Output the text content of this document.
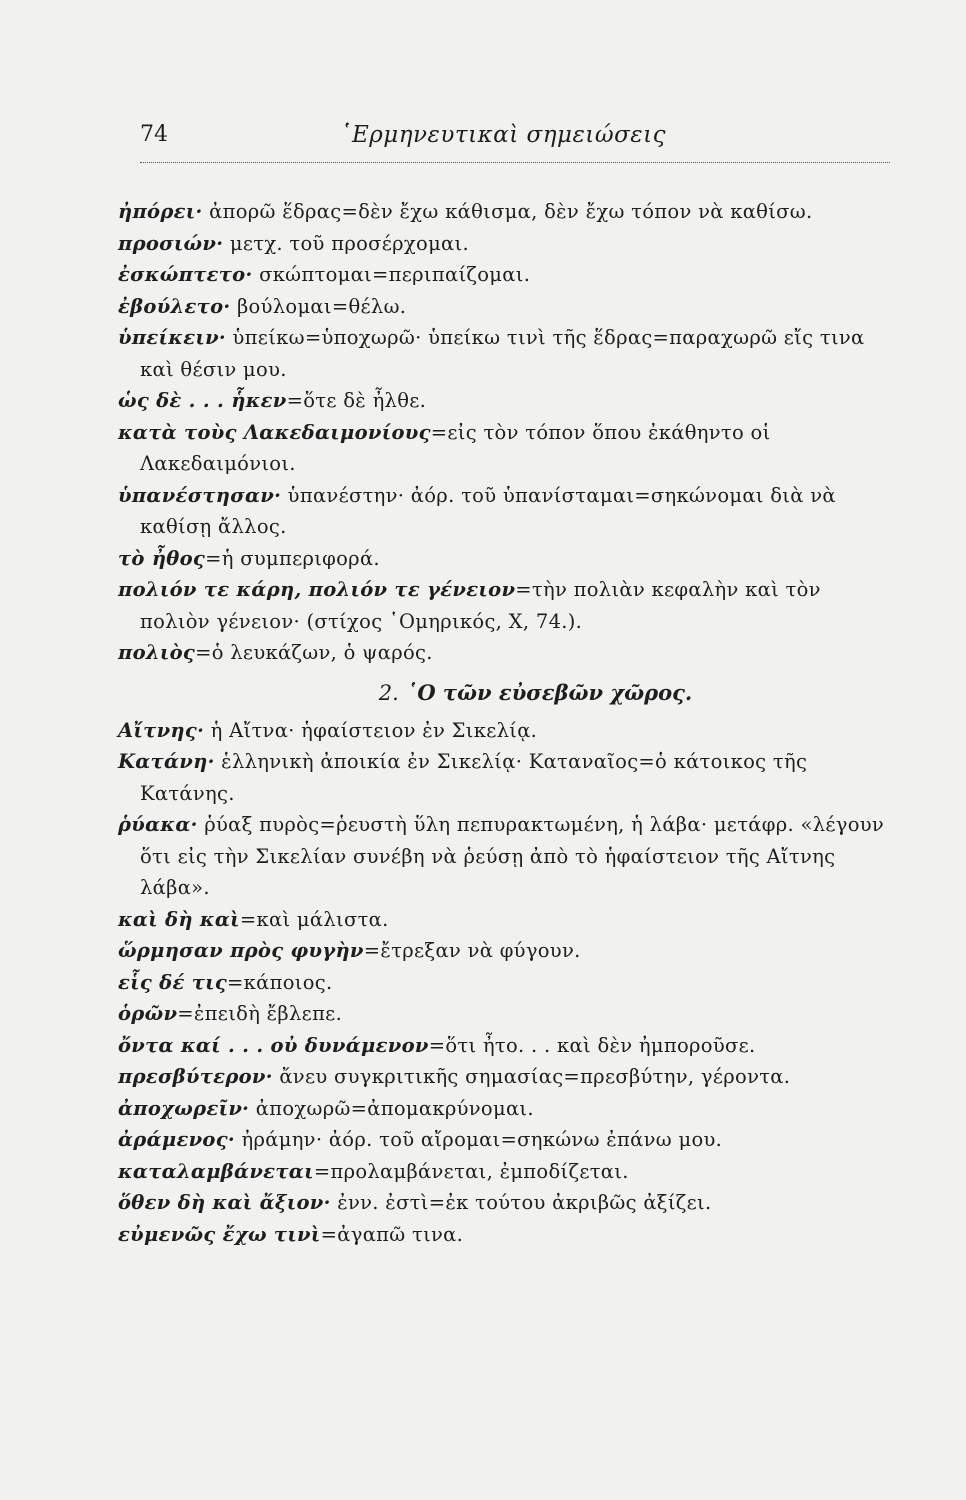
74	῾Ερμηνευτικαὶ σημειώσεις
ἠπόρει· ἀπορῶ ἕδρας=δὲν ἔχω κάθισμα, δὲν ἔχω τόπον νὰ καθίσω.
προσιών· μετχ. τοῦ προσέρχομαι.
ἐσκώπτετο· σκώπτομαι=περιπαίζομαι.
ἐβούλετο· βούλομαι=θέλω.
ὑπείκειν· ὑπείκω=ὑποχωρῶ· ὑπείκω τινὶ τῆς ἕδρας=παραχωρῶ εἴς τινα καὶ θέσιν μου.
ὡς δὲ . . . ἧκεν=ὅτε δὲ ἦλθε.
κατὰ τοὺς Λακεδαιμονίους=εἰς τὸν τόπον ὅπου ἐκάθηντο οἱ Λακεδαιμόνιοι.
ὑπανέστησαν· ὑπανέστην· ἀόρ. τοῦ ὑπανίσταμαι=σηκώνομαι διὰ νὰ καθίσῃ ἄλλος.
τὸ ἦθος=ἡ συμπεριφορά.
πολιόν τε κάρη, πολιόν τε γένειον=τὴν πολιὰν κεφαλὴν καὶ τὸν πολιὸν γένειον· (στίχος ῾Ομηρικός, Χ, 74.).
πολιὸς=ὁ λευκάζων, ὁ ψαρός.
2. ῾Ο τῶν εὐσεβῶν χῶρος.
Αἴτνης· ἡ Αἴτνα· ἡφαίστειον ἐν Σικελίᾳ.
Κατάνη· ἑλληνικὴ ἀποικία ἐν Σικελίᾳ· Καταναῖος=ὁ κάτοικος τῆς Κατάνης.
ῥύακα· ῥύαξ πυρὸς=ῥευστὴ ὕλη πεπυρακτωμένη, ἡ λάβα· μετάφρ. «λέγουν ὅτι εἰς τὴν Σικελίαν συνέβη νὰ ῥεύσῃ ἀπὸ τὸ ἡφαίστειον τῆς Αἴτνης λάβα».
καὶ δὴ καὶ=καὶ μάλιστα.
ὥρμησαν πρὸς φυγὴν=ἔτρεξαν νὰ φύγουν.
εἷς δέ τις=κάποιος.
ὁρῶν=ἐπειδὴ ἔβλεπε.
ὄντα καί . . . οὐ δυνάμενον=ὅτι ἦτο. . . καὶ δὲν ἠμποροῦσε.
πρεσβύτερον· ἄνευ συγκριτικῆς σημασίας=πρεσβύτην, γέροντα.
ἀποχωρεῖν· ἀποχωρῶ=ἀπομακρύνομαι.
ἀράμενος· ἠράμην· ἀόρ. τοῦ αἴρομαι=σηκώνω ἐπάνω μου.
καταλαμβάνεται=προλαμβάνεται, ἐμποδίζεται.
ὅθεν δὴ καὶ ἄξιον· ἐνν. ἐστὶ=ἐκ τούτου ἀκριβῶς ἀξίζει.
εὐμενῶς ἔχω τινὶ=ἀγαπῶ τινα.
